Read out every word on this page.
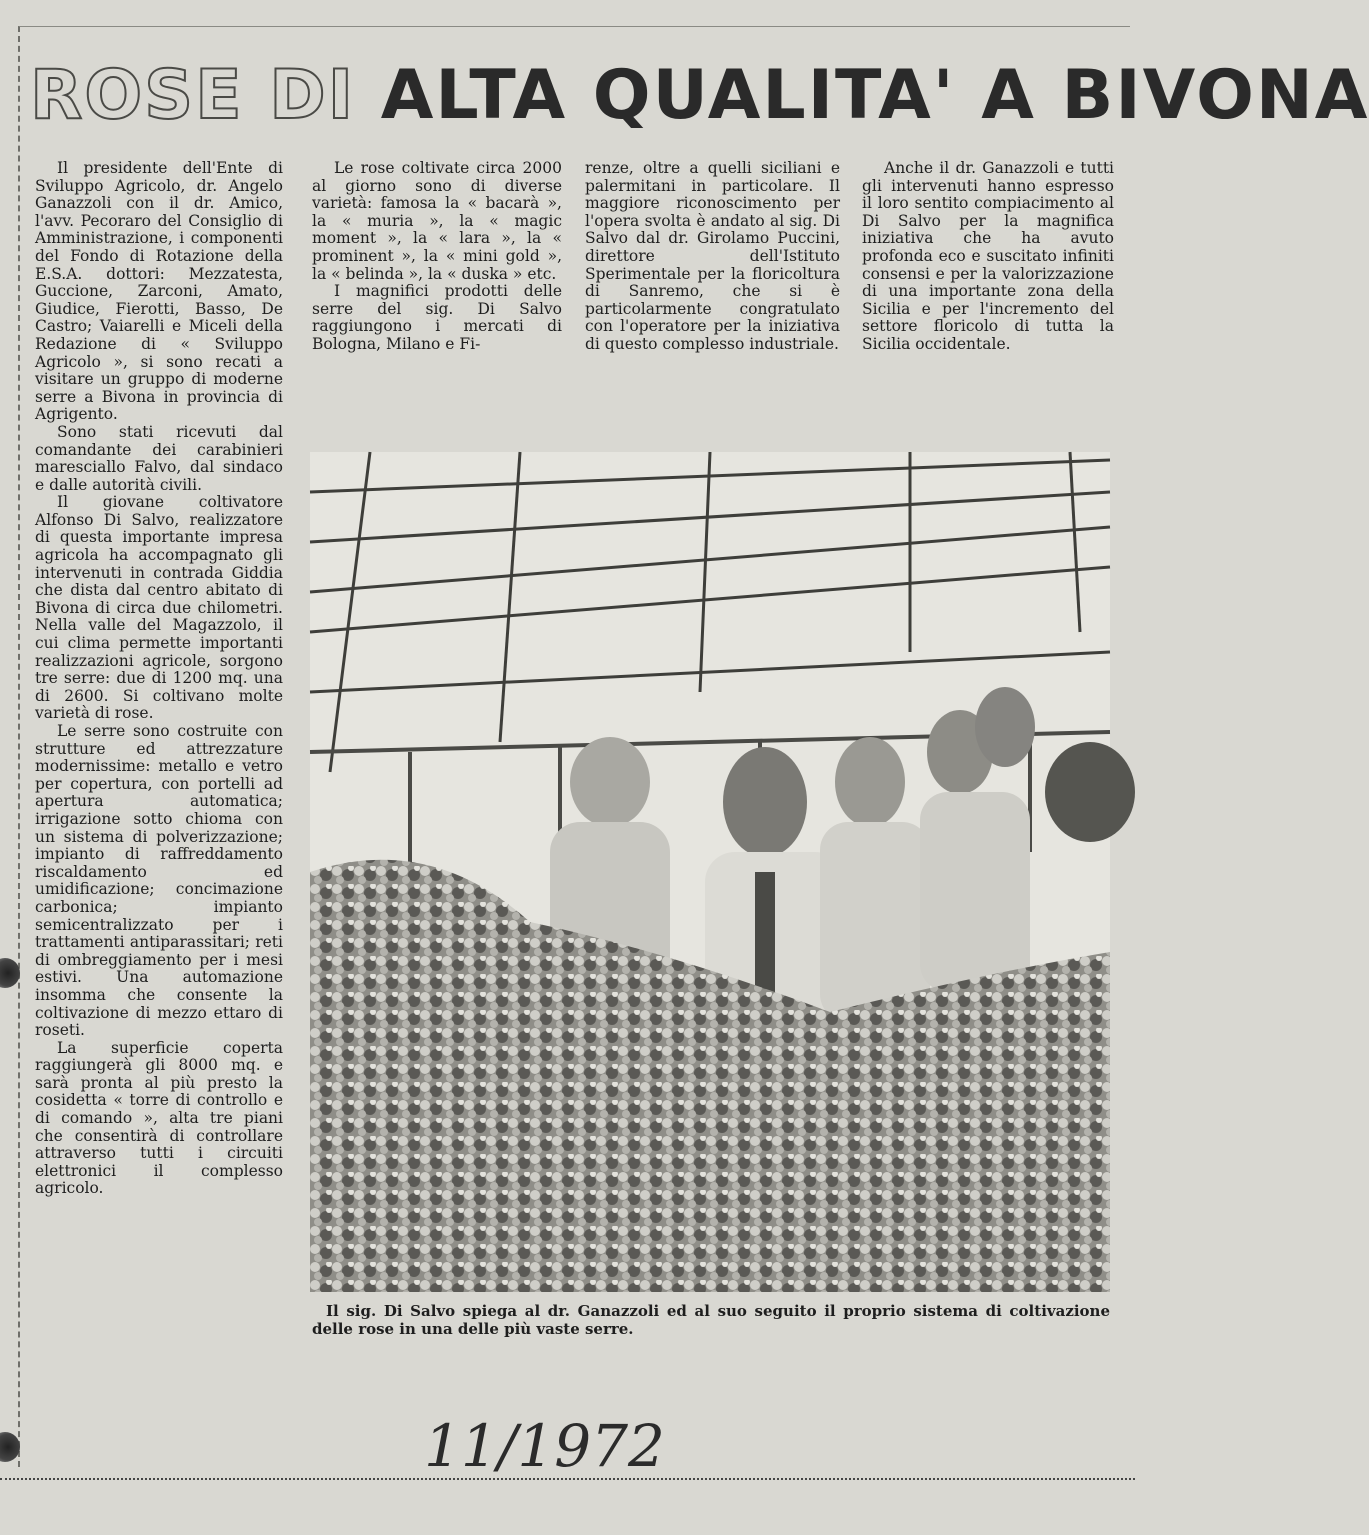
ROSE DI ALTA QUALITA' A BIVONA

Il presidente dell'Ente di Sviluppo Agricolo, dr. Angelo Ganazzoli con il dr. Amico, l'avv. Pecoraro del Consiglio di Amministrazione, i componenti del Fondo di Rotazione della E.S.A. dottori: Mezzatesta, Guccione, Zarconi, Amato, Giudice, Fierotti, Basso, De Castro; Vaiarelli e Miceli della Redazione di « Sviluppo Agricolo », si sono recati a visitare un gruppo di moderne serre a Bivona in provincia di Agrigento.

Sono stati ricevuti dal comandante dei carabinieri maresciallo Falvo, dal sindaco e dalle autorità civili.

Il giovane coltivatore Alfonso Di Salvo, realizzatore di questa importante impresa agricola ha accompagnato gli intervenuti in contrada Giddia che dista dal centro abitato di Bivona di circa due chilometri. Nella valle del Magazzolo, il cui clima permette importanti realizzazioni agricole, sorgono tre serre: due di 1200 mq. una di 2600. Si coltivano molte varietà di rose.

Le serre sono costruite con strutture ed attrezzature modernissime: metallo e vetro per copertura, con portelli ad apertura automatica; irrigazione sotto chioma con un sistema di polverizzazione; impianto di raffreddamento riscaldamento ed umidificazione; concimazione carbonica; impianto semicentralizzato per i trattamenti antiparassitari; reti di ombreggiamento per i mesi estivi. Una automazione insomma che consente la coltivazione di mezzo ettaro di roseti.

La superficie coperta raggiungerà gli 8000 mq. e sarà pronta al più presto la cosidetta « torre di controllo e di comando », alta tre piani che consentirà di controllare attraverso tutti i circuiti elettronici il complesso agricolo.

Le rose coltivate circa 2000 al giorno sono di diverse varietà: famosa la « bacarà », la « muria », la « magic moment », la « lara », la « prominent », la « mini gold », la « belinda », la « duska » etc.

I magnifici prodotti delle serre del sig. Di Salvo raggiungono i mercati di Bologna, Milano e Fi-

renze, oltre a quelli siciliani e palermitani in particolare. Il maggiore riconoscimento per l'opera svolta è andato al sig. Di Salvo dal dr. Girolamo Puccini, direttore dell'Istituto Sperimentale per la floricoltura di Sanremo, che si è particolarmente congratulato con l'operatore per la iniziativa di questo complesso industriale.

Anche il dr. Ganazzoli e tutti gli intervenuti hanno espresso il loro sentito compiacimento al Di Salvo per la magnifica iniziativa che ha avuto profonda eco e suscitato infiniti consensi e per la valorizzazione di una importante zona della Sicilia e per l'incremento del settore floricolo di tutta la Sicilia occidentale.

Il sig. Di Salvo spiega al dr. Ganazzoli ed al suo seguito il proprio sistema di coltivazione delle rose in una delle più vaste serre.
11/1972
